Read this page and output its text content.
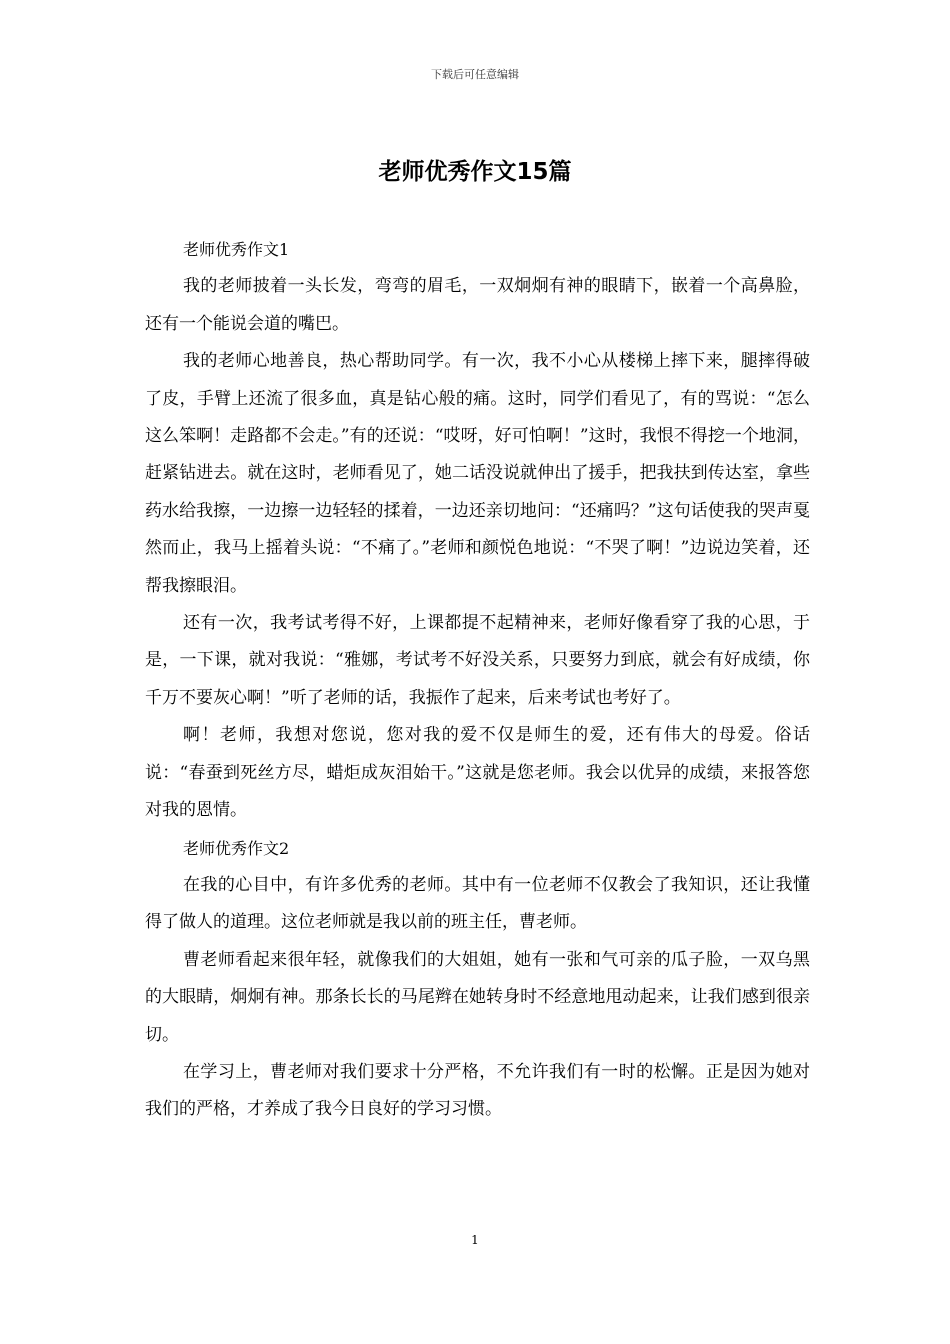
下载后可任意编辑
老师优秀作文15篇

老师优秀作文1

我的老师披着一头长发，弯弯的眉毛，一双炯炯有神的眼睛下，嵌着一个高鼻脸，还有一个能说会道的嘴巴。

我的老师心地善良，热心帮助同学。有一次，我不小心从楼梯上摔下来，腿摔得破了皮，手臂上还流了很多血，真是钻心般的痛。这时，同学们看见了，有的骂说：“怎么这么笨啊！走路都不会走。”有的还说：“哎呀，好可怕啊！”这时，我恨不得挖一个地洞，赶紧钻进去。就在这时，老师看见了，她二话没说就伸出了援手，把我扶到传达室，拿些药水给我擦，一边擦一边轻轻的揉着，一边还亲切地问：“还痛吗？”这句话使我的哭声戛然而止，我马上摇着头说：“不痛了。”老师和颜悦色地说：“不哭了啊！”边说边笑着，还帮我擦眼泪。

还有一次，我考试考得不好，上课都提不起精神来，老师好像看穿了我的心思，于是，一下课，就对我说：“雅娜，考试考不好没关系，只要努力到底，就会有好成绩，你千万不要灰心啊！”听了老师的话，我振作了起来，后来考试也考好了。

啊！老师，我想对您说，您对我的爱不仅是师生的爱，还有伟大的母爱。俗话说：“春蚕到死丝方尽，蜡炬成灰泪始干。”这就是您老师。我会以优异的成绩，来报答您对我的恩情。

老师优秀作文2

在我的心目中，有许多优秀的老师。其中有一位老师不仅教会了我知识，还让我懂得了做人的道理。这位老师就是我以前的班主任，曹老师。

曹老师看起来很年轻，就像我们的大姐姐，她有一张和气可亲的瓜子脸，一双乌黑的大眼睛，炯炯有神。那条长长的马尾辫在她转身时不经意地甩动起来，让我们感到很亲切。

在学习上，曹老师对我们要求十分严格，不允许我们有一时的松懈。正是因为她对我们的严格，才养成了我今日良好的学习习惯。

1
